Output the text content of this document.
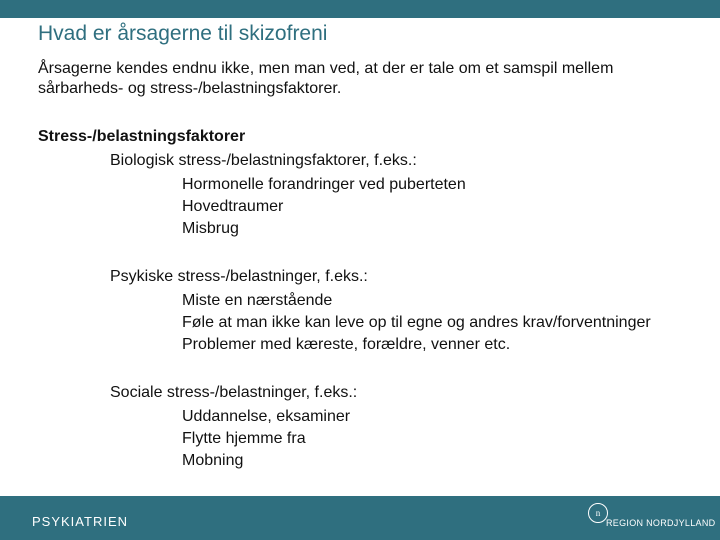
Hvad er årsagerne til skizofreni
Årsagerne kendes endnu ikke, men man ved, at der er tale om et samspil mellem sårbarheds- og stress-/belastningsfaktorer.
Stress-/belastningsfaktorer
Biologisk stress-/belastningsfaktorer, f.eks.:
Hormonelle forandringer ved puberteten
Hovedtraumer
Misbrug
Psykiske stress-/belastninger, f.eks.:
Miste en nærstående
Føle at man ikke kan leve op til egne og andres krav/forventninger
Problemer med kæreste, forældre, venner etc.
Sociale stress-/belastninger, f.eks.:
Uddannelse, eksaminer
Flytte hjemme fra
Mobning
PSYKIATRIEN
n
REGION NORDJYLLAND
